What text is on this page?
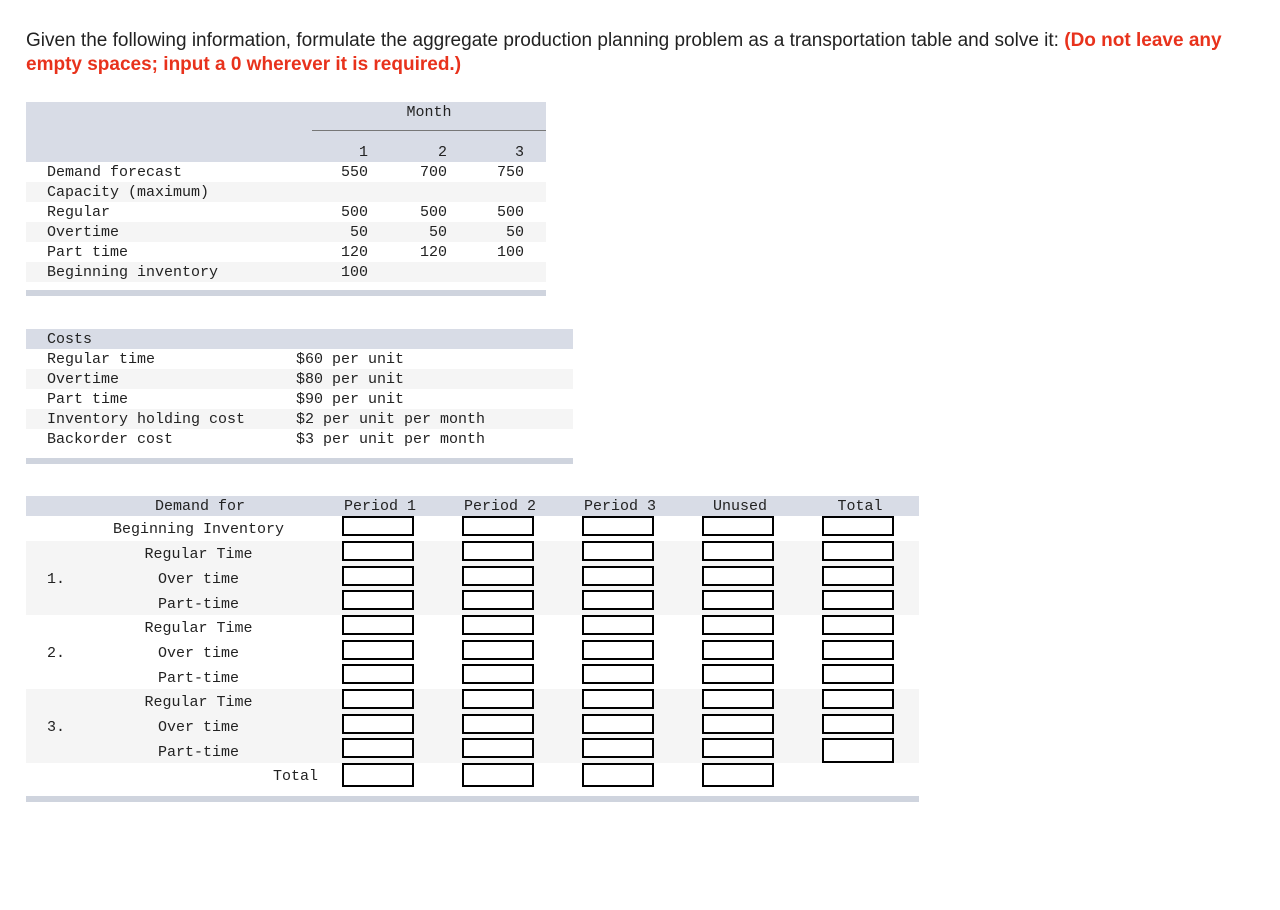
Given the following information, formulate the aggregate production planning problem as a transportation table and solve it: (Do not leave any empty spaces; input a 0 wherever it is required.)
Month
1	2	3
Demand forecast	550	700	750
Capacity (maximum)
Regular	500	500	500
Overtime	50	50	50
Part time	120	120	100
Beginning inventory	100
Costs
Regular time	$60 per unit
Overtime	$80 per unit
Part time	$90 per unit
Inventory holding cost	$2 per unit per month
Backorder cost	$3 per unit per month
Demand for	Period 1	Period 2	Period 3	Unused	Total
Beginning Inventory
Regular Time
1.	Over time
Part-time
Regular Time
2.	Over time
Part-time
Regular Time
3.	Over time
Part-time
Total
